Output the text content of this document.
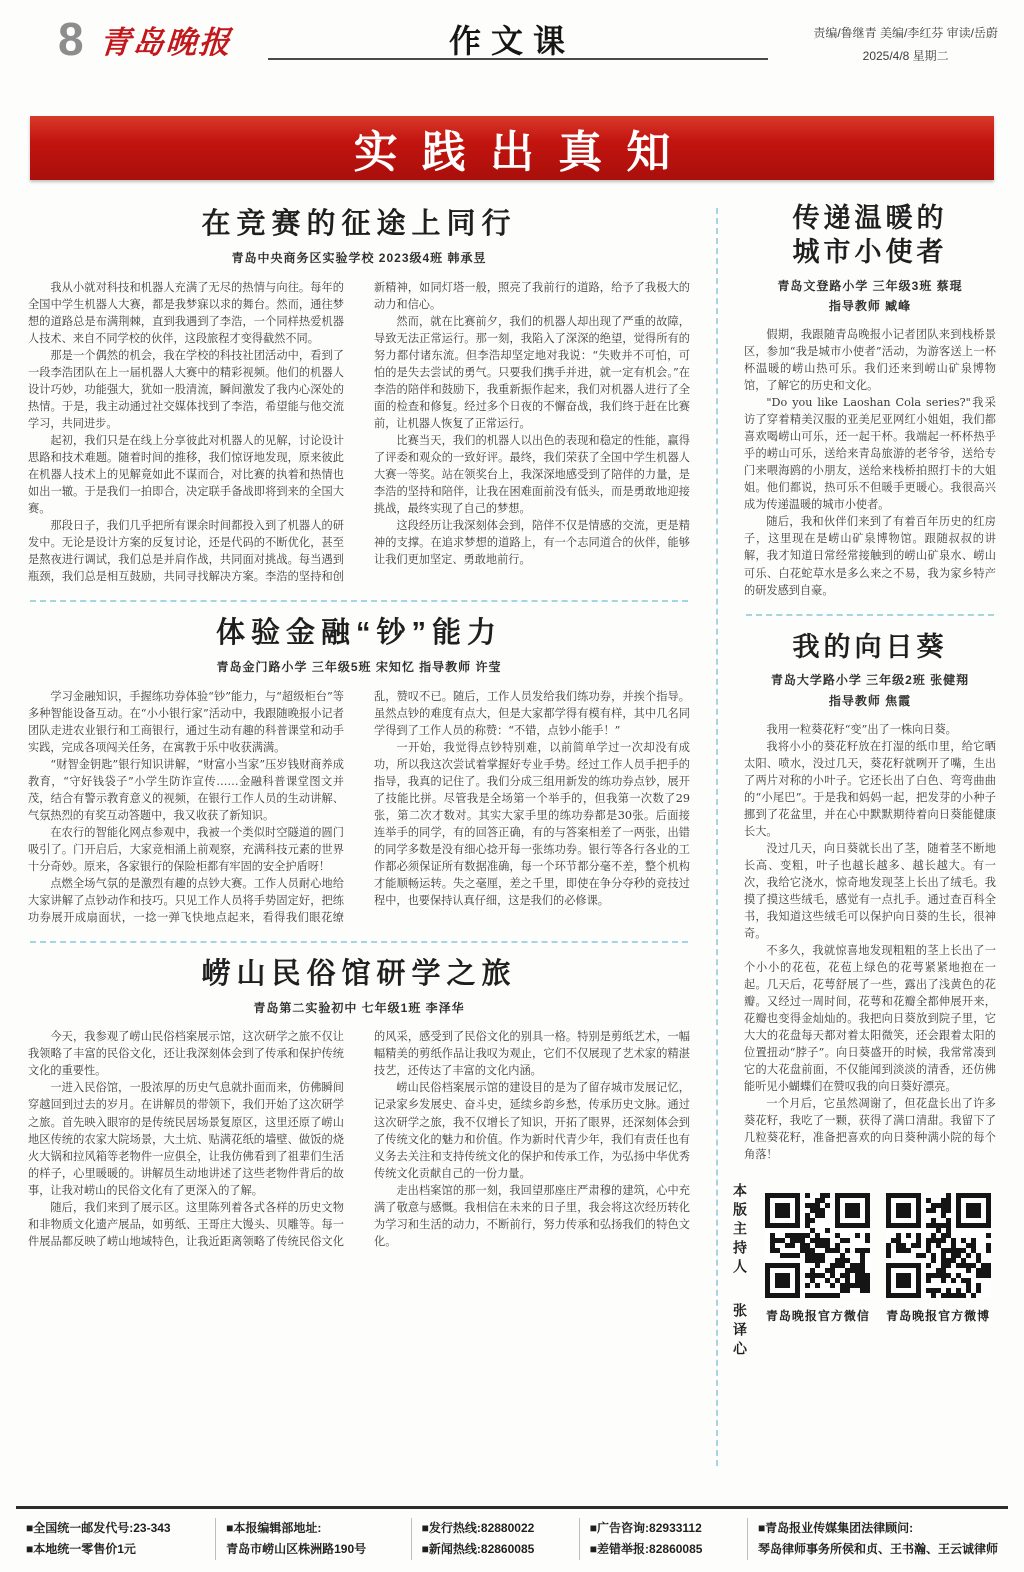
8 青岛晚报	作文课	责编/鲁继青 美编/李红芬 审读/岳蔚
2025/4/8 星期二
实践出真知
在竞赛的征途上同行
青岛中央商务区实验学校 2023级4班 韩承昱

我从小就对科技和机器人充满了无尽的热情与向往。每年的全国中学生机器人大赛，都是我梦寐以求的舞台。然而，通往梦想的道路总是布满荆棘，直到我遇到了李浩，一个同样热爱机器人技术、来自不同学校的伙伴，这段旅程才变得截然不同。

那是一个偶然的机会，我在学校的科技社团活动中，看到了一段李浩团队在上一届机器人大赛中的精彩视频。他们的机器人设计巧妙，功能强大，犹如一股清流，瞬间激发了我内心深处的热情。于是，我主动通过社交媒体找到了李浩，希望能与他交流学习，共同进步。

起初，我们只是在线上分享彼此对机器人的见解，讨论设计思路和技术难题。随着时间的推移，我们惊讶地发现，原来彼此在机器人技术上的见解竟如此不谋而合，对比赛的执着和热情也如出一辙。于是我们一拍即合，决定联手备战即将到来的全国大赛。

那段日子，我们几乎把所有课余时间都投入到了机器人的研发中。无论是设计方案的反复讨论，还是代码的不断优化，甚至是熬夜进行调试，我们总是并肩作战，共同面对挑战。每当遇到瓶颈，我们总是相互鼓励，共同寻找解决方案。李浩的坚持和创新精神，如同灯塔一般，照亮了我前行的道路，给予了我极大的动力和信心。

然而，就在比赛前夕，我们的机器人却出现了严重的故障，导致无法正常运行。那一刻，我陷入了深深的绝望，觉得所有的努力都付诸东流。但李浩却坚定地对我说：“失败并不可怕，可怕的是失去尝试的勇气。只要我们携手并进，就一定有机会。”在李浩的陪伴和鼓励下，我重新振作起来，我们对机器人进行了全面的检查和修复。经过多个日夜的不懈奋战，我们终于赶在比赛前，让机器人恢复了正常运行。

比赛当天，我们的机器人以出色的表现和稳定的性能，赢得了评委和观众的一致好评。最终，我们荣获了全国中学生机器人大赛一等奖。站在领奖台上，我深深地感受到了陪伴的力量，是李浩的坚持和陪伴，让我在困难面前没有低头，而是勇敢地迎接挑战，最终实现了自己的梦想。

这段经历让我深刻体会到，陪伴不仅是情感的交流，更是精神的支撑。在追求梦想的道路上，有一个志同道合的伙伴，能够让我们更加坚定、勇敢地前行。

体验金融“钞”能力
青岛金门路小学 三年级5班 宋知忆 指导教师 许莹

学习金融知识，手握练功券体验“钞”能力，与“超级柜台”等多种智能设备互动。在“小小银行家”活动中，我跟随晚报小记者团队走进农业银行和工商银行，通过生动有趣的科普课堂和动手实践，完成各项闯关任务，在寓教于乐中收获满满。

“财智金钥匙”银行知识讲解，“财富小当家”压岁钱财商养成教育，“守好钱袋子”小学生防诈宣传……金融科普课堂图文并茂，结合有警示教育意义的视频，在银行工作人员的生动讲解、气氛热烈的有奖互动答题中，我又收获了新知识。

在农行的智能化网点参观中，我被一个类似时空隧道的圆门吸引了。门开启后，大家竞相涌上前观察，充满科技元素的世界十分奇妙。原来，各家银行的保险柜都有牢固的安全护盾呀！

点燃全场气氛的是激烈有趣的点钞大赛。工作人员耐心地给大家讲解了点钞动作和技巧。只见工作人员将手势固定好，把练功券展开成扇面状，一捻一弹飞快地点起来，看得我们眼花缭乱，赞叹不已。随后，工作人员发给我们练功券，并挨个指导。虽然点钞的难度有点大，但是大家都学得有模有样，其中几名同学得到了工作人员的称赞：“不错，点钞小能手！”

一开始，我觉得点钞特别难，以前简单学过一次却没有成功，所以我这次尝试着掌握好专业手势。经过工作人员手把手的指导，我真的记住了。我们分成三组用新发的练功券点钞，展开了技能比拼。尽管我是全场第一个举手的，但我第一次数了29张，第二次才数对。其实大家手里的练功券都是30张。后面接连举手的同学，有的回答正确，有的与答案相差了一两张，出错的同学多数是没有细心捻开每一张练功券。银行等各行各业的工作都必须保证所有数据准确，每一个环节都分毫不差，整个机构才能顺畅运转。失之毫厘，差之千里，即使在争分夺秒的竞技过程中，也要保持认真仔细，这是我们的必修课。

崂山民俗馆研学之旅
青岛第二实验初中 七年级1班 李泽华

今天，我参观了崂山民俗档案展示馆，这次研学之旅不仅让我领略了丰富的民俗文化，还让我深刻体会到了传承和保护传统文化的重要性。

一进入民俗馆，一股浓厚的历史气息就扑面而来，仿佛瞬间穿越回到过去的岁月。在讲解员的带领下，我们开始了这次研学之旅。首先映入眼帘的是传统民居场景复原区，这里还原了崂山地区传统的农家大院场景，大土炕、贴满花纸的墙壁、做饭的烧火大锅和拉风箱等老物件一应俱全，让我仿佛看到了祖辈们生活的样子，心里暖暖的。讲解员生动地讲述了这些老物件背后的故事，让我对崂山的民俗文化有了更深入的了解。

随后，我们来到了展示区。这里陈列着各式各样的历史文物和非物质文化遗产展品，如剪纸、王哥庄大馒头、贝雕等。每一件展品都反映了崂山地域特色，让我近距离领略了传统民俗文化的风采，感受到了民俗文化的别具一格。特别是剪纸艺术，一幅幅精美的剪纸作品让我叹为观止，它们不仅展现了艺术家的精湛技艺，还传达了丰富的文化内涵。

崂山民俗档案展示馆的建设目的是为了留存城市发展记忆，记录家乡发展史、奋斗史，延续乡韵乡愁，传承历史文脉。通过这次研学之旅，我不仅增长了知识，开拓了眼界，还深刻体会到了传统文化的魅力和价值。作为新时代青少年，我们有责任也有义务去关注和支持传统文化的保护和传承工作，为弘扬中华优秀传统文化贡献自己的一份力量。

走出档案馆的那一刻，我回望那座庄严肃穆的建筑，心中充满了敬意与感慨。我相信在未来的日子里，我会将这次经历转化为学习和生活的动力，不断前行，努力传承和弘扬我们的特色文化。

传递温暖的
城市小使者
青岛文登路小学 三年级3班 蔡琨
指导教师 臧峰

假期，我跟随青岛晚报小记者团队来到栈桥景区，参加“我是城市小使者”活动，为游客送上一杯杯温暖的崂山热可乐。我们还来到崂山矿泉博物馆，了解它的历史和文化。

"Do you like Laoshan Cola series?"我采访了穿着精美汉服的亚美尼亚网红小姐姐，我们都喜欢喝崂山可乐，还一起干杯。我端起一杯杯热乎乎的崂山可乐，送给来青岛旅游的老爷爷，送给专门来喂海鸥的小朋友，送给来栈桥拍照打卡的大姐姐。他们都说，热可乐不但暖手更暖心。我很高兴成为传递温暖的城市小使者。

随后，我和伙伴们来到了有着百年历史的红房子，这里现在是崂山矿泉博物馆。跟随叔叔的讲解，我才知道日常经常接触到的崂山矿泉水、崂山可乐、白花蛇草水是多么来之不易，我为家乡特产的研发感到自豪。

我的向日葵
青岛大学路小学 三年级2班 张健翔
指导教师 焦霞

我用一粒葵花籽“变”出了一株向日葵。

我将小小的葵花籽放在打湿的纸巾里，给它晒太阳、喷水，没过几天，葵花籽就咧开了嘴，生出了两片对称的小叶子。它还长出了白色、弯弯曲曲的“小尾巴”。于是我和妈妈一起，把发芽的小种子挪到了花盆里，并在心中默默期待着向日葵能健康长大。

没过几天，向日葵就长出了茎，随着茎不断地长高、变粗，叶子也越长越多、越长越大。有一次，我给它浇水，惊奇地发现茎上长出了绒毛。我摸了摸这些绒毛，感觉有一点扎手。通过查百科全书，我知道这些绒毛可以保护向日葵的生长，很神奇。

不多久，我就惊喜地发现粗粗的茎上长出了一个小小的花苞，花苞上绿色的花萼紧紧地抱在一起。几天后，花萼舒展了一些，露出了浅黄色的花瓣。又经过一周时间，花萼和花瓣全都伸展开来，花瓣也变得金灿灿的。我把向日葵放到院子里，它大大的花盘每天都对着太阳微笑，还会跟着太阳的位置扭动“脖子”。向日葵盛开的时候，我常常凑到它的大花盘前面，不仅能闻到淡淡的清香，还仿佛能听见小蝴蝶们在赞叹我的向日葵好漂亮。

一个月后，它虽然凋谢了，但花盘长出了许多葵花籽，我吃了一颗，获得了满口清甜。我留下了几粒葵花籽，准备把喜欢的向日葵种满小院的每个角落！

本版主持人 张译心 青岛晚报官方微信 青岛晚报官方微博
■全国统一邮发代号:23-343
■本地统一零售价1元
■本报编辑部地址:
青岛市崂山区株洲路190号
■发行热线:82880022
■新闻热线:82860085
■广告咨询:82933112
■差错举报:82860085
■青岛报业传媒集团法律顾问:
琴岛律师事务所侯和贞、王书瀚、王云诚律师
